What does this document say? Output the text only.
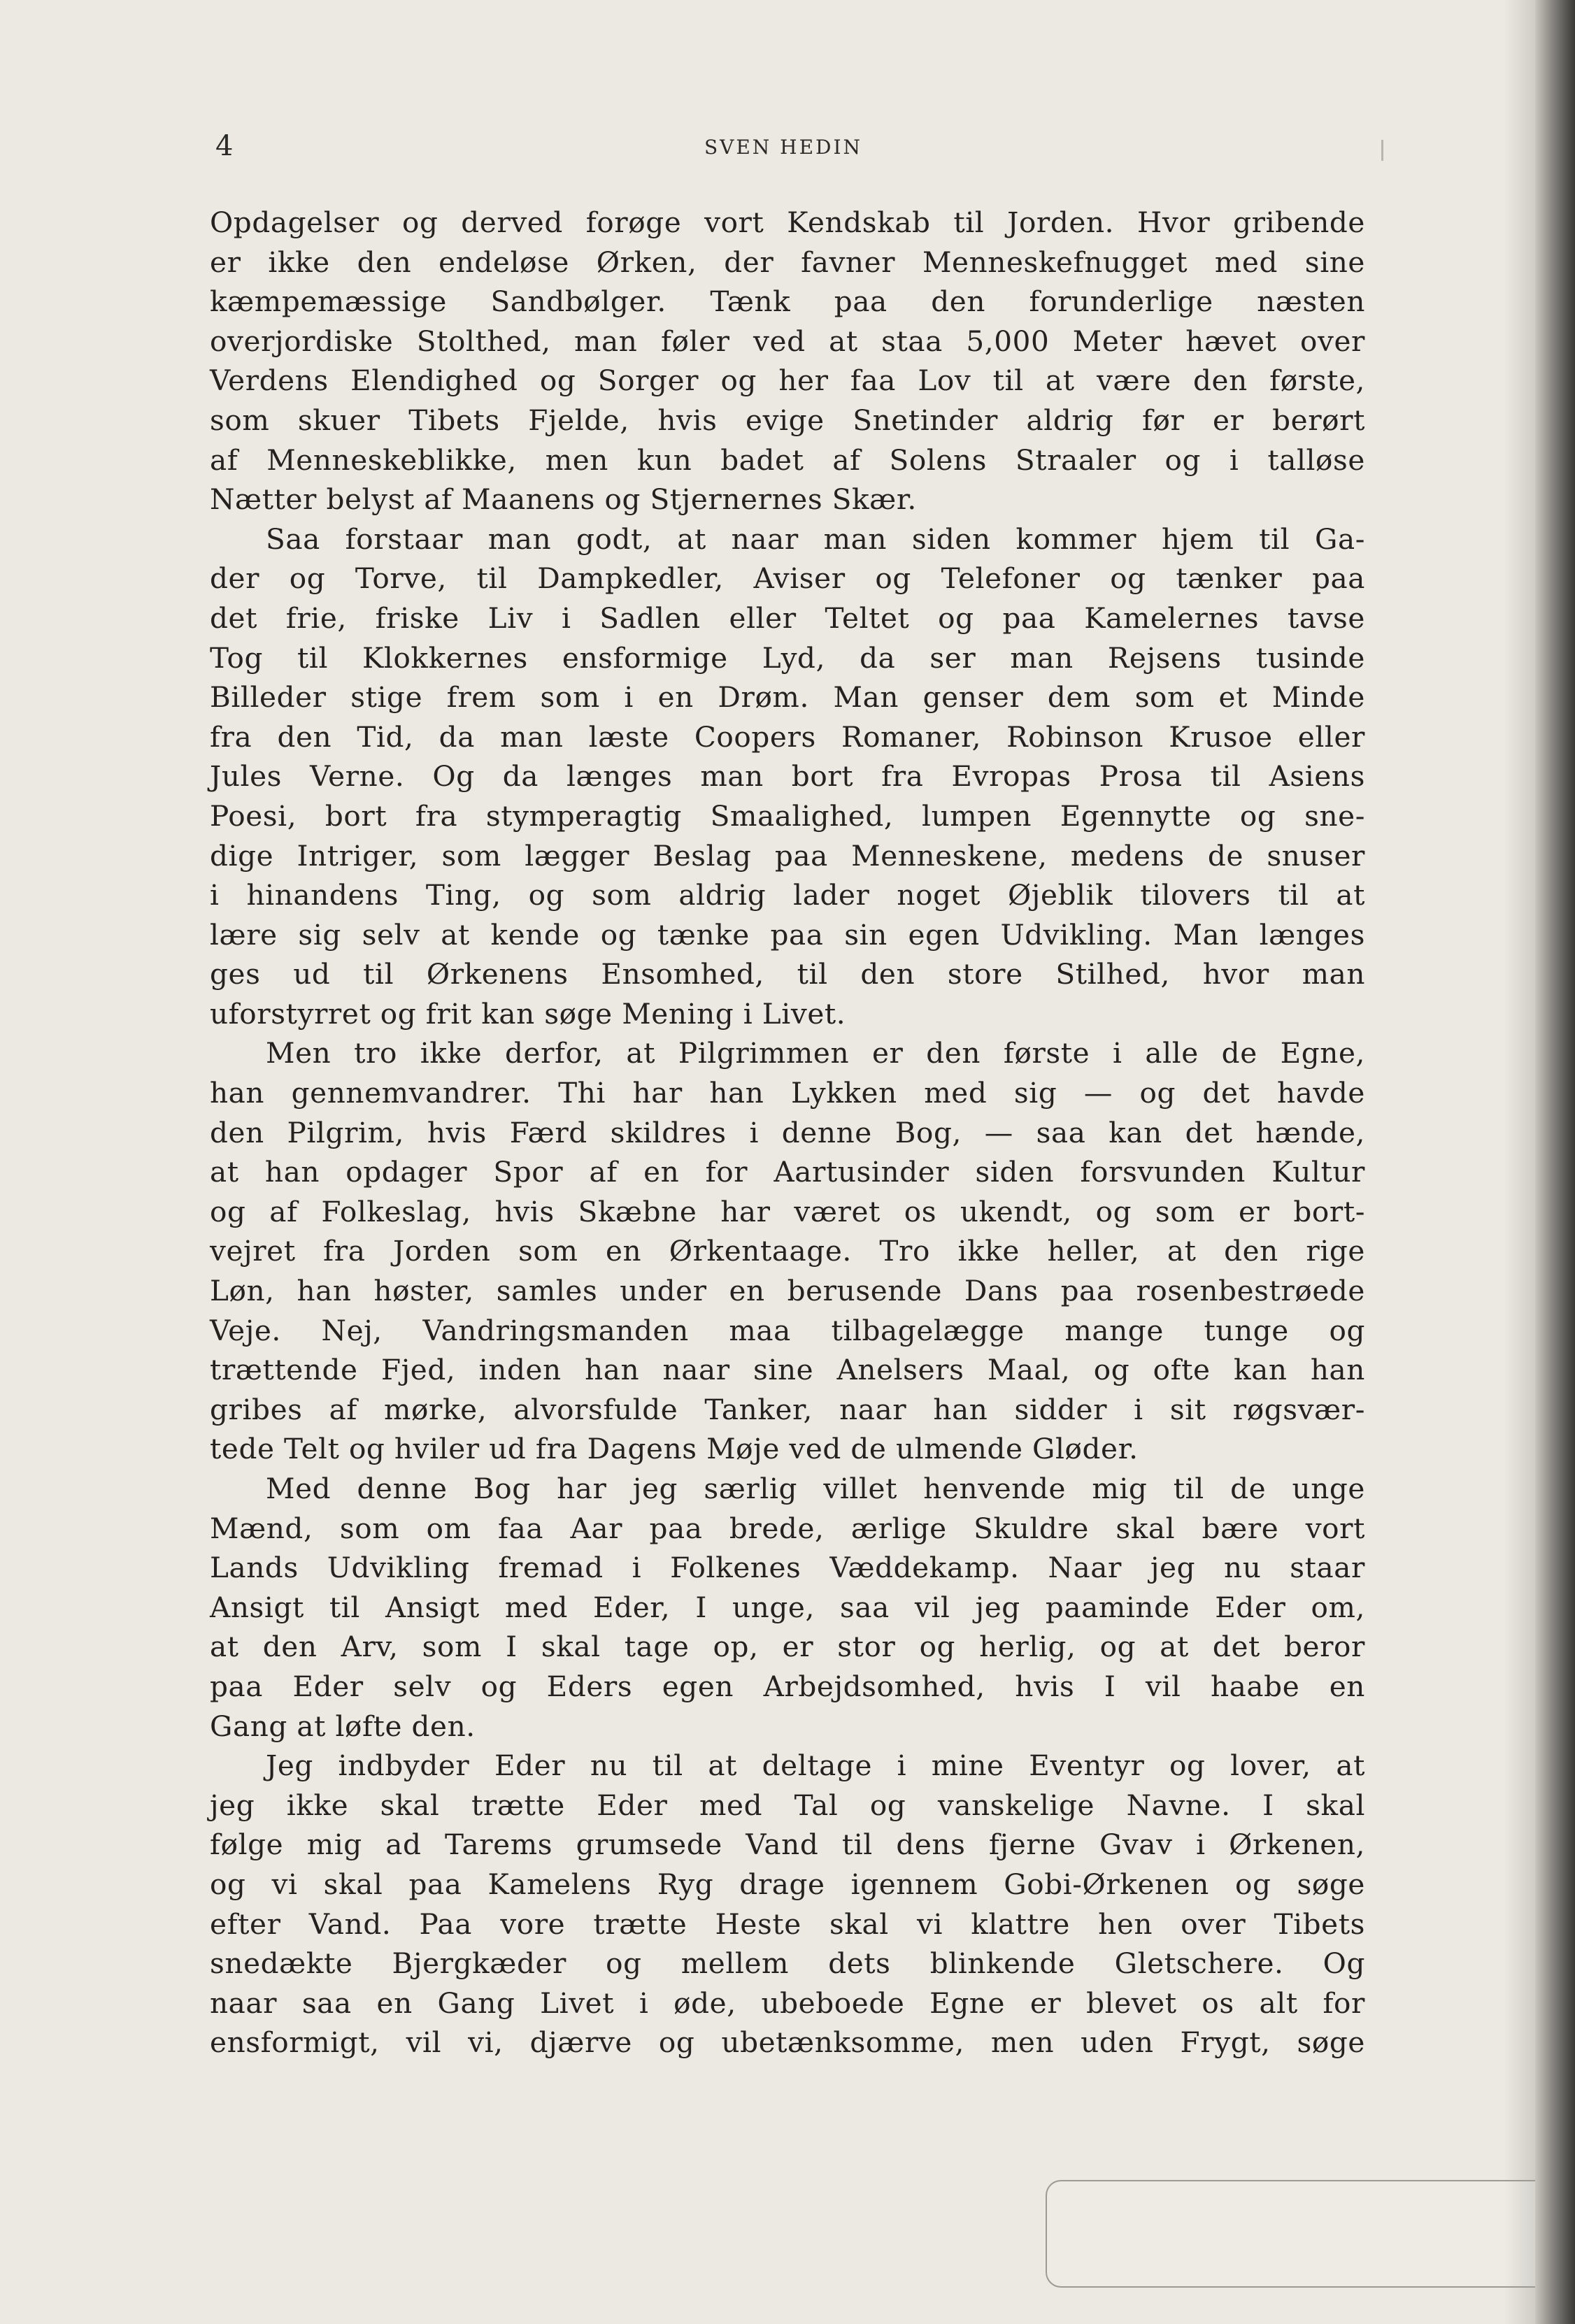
4	SVEN HEDIN
Opdagelser og derved forøge vort Kendskab til Jorden. Hvor gribende
er ikke den endeløse Ørken, der favner Menneskefnugget med sine
kæmpemæssige Sandbølger. Tænk paa den forunderlige næsten
overjordiske Stolthed, man føler ved at staa 5,000 Meter hævet over
Verdens Elendighed og Sorger og her faa Lov til at være den første,
som skuer Tibets Fjelde, hvis evige Snetinder aldrig før er berørt
af Menneskeblikke, men kun badet af Solens Straaler og i talløse
Nætter belyst af Maanens og Stjernernes Skær.
Saa forstaar man godt, at naar man siden kommer hjem til Ga-
der og Torve, til Dampkedler, Aviser og Telefoner og tænker paa
det frie, friske Liv i Sadlen eller Teltet og paa Kamelernes tavse
Tog til Klokkernes ensformige Lyd, da ser man Rejsens tusinde
Billeder stige frem som i en Drøm. Man genser dem som et Minde
fra den Tid, da man læste Coopers Romaner, Robinson Krusoe eller
Jules Verne. Og da længes man bort fra Evropas Prosa til Asiens
Poesi, bort fra stymperagtig Smaalighed, lumpen Egennytte og sne-
dige Intriger, som lægger Beslag paa Menneskene, medens de snuser
i hinandens Ting, og som aldrig lader noget Øjeblik tilovers til at
lære sig selv at kende og tænke paa sin egen Udvikling. Man længes
ges ud til Ørkenens Ensomhed, til den store Stilhed, hvor man
uforstyrret og frit kan søge Mening i Livet.
Men tro ikke derfor, at Pilgrimmen er den første i alle de Egne,
han gennemvandrer. Thi har han Lykken med sig — og det havde
den Pilgrim, hvis Færd skildres i denne Bog, — saa kan det hænde,
at han opdager Spor af en for Aartusinder siden forsvunden Kultur
og af Folkeslag, hvis Skæbne har været os ukendt, og som er bort-
vejret fra Jorden som en Ørkentaage. Tro ikke heller, at den rige
Løn, han høster, samles under en berusende Dans paa rosenbestrøede
Veje. Nej, Vandringsmanden maa tilbagelægge mange tunge og
trættende Fjed, inden han naar sine Anelsers Maal, og ofte kan han
gribes af mørke, alvorsfulde Tanker, naar han sidder i sit røgsvær-
tede Telt og hviler ud fra Dagens Møje ved de ulmende Gløder.
Med denne Bog har jeg særlig villet henvende mig til de unge
Mænd, som om faa Aar paa brede, ærlige Skuldre skal bære vort
Lands Udvikling fremad i Folkenes Væddekamp. Naar jeg nu staar
Ansigt til Ansigt med Eder, I unge, saa vil jeg paaminde Eder om,
at den Arv, som I skal tage op, er stor og herlig, og at det beror
paa Eder selv og Eders egen Arbejdsomhed, hvis I vil haabe en
Gang at løfte den.
Jeg indbyder Eder nu til at deltage i mine Eventyr og lover, at
jeg ikke skal trætte Eder med Tal og vanskelige Navne. I skal
følge mig ad Tarems grumsede Vand til dens fjerne Gvav i Ørkenen,
og vi skal paa Kamelens Ryg drage igennem Gobi-Ørkenen og søge
efter Vand. Paa vore trætte Heste skal vi klattre hen over Tibets
snedækte Bjergkæder og mellem dets blinkende Gletschere. Og
naar saa en Gang Livet i øde, ubeboede Egne er blevet os alt for
ensformigt, vil vi, djærve og ubetænksomme, men uden Frygt, søge
